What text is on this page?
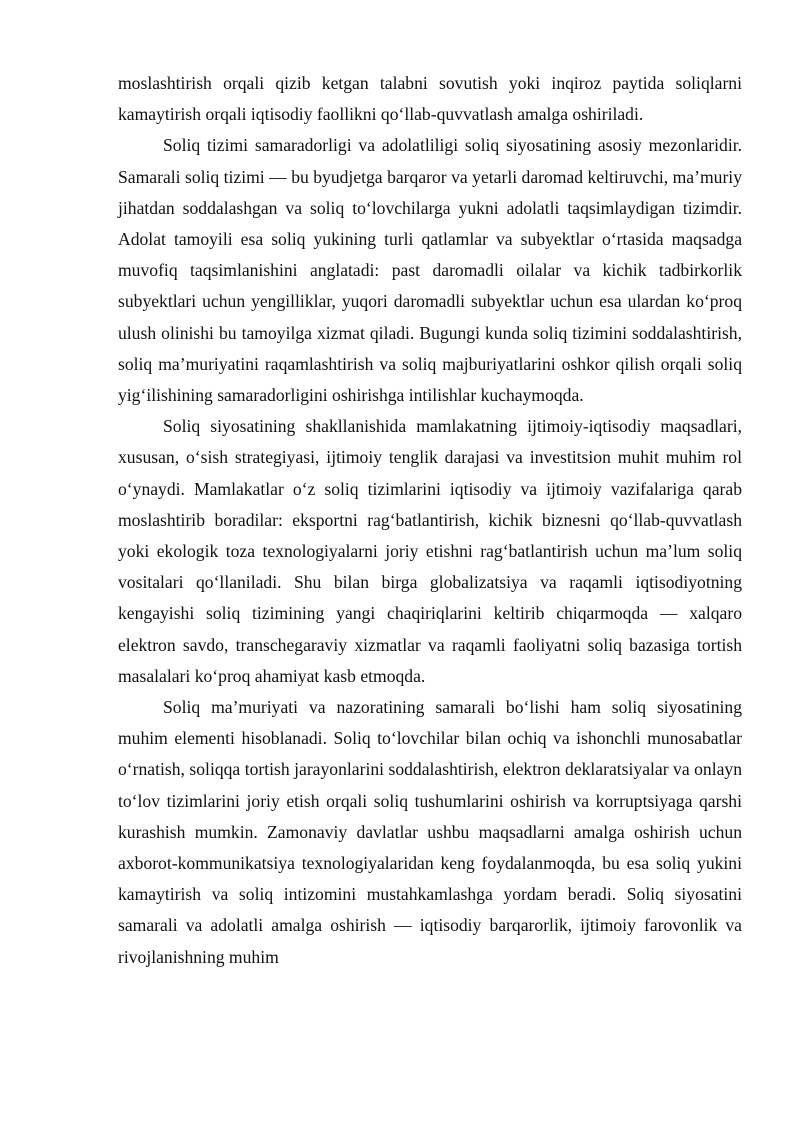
moslashtirish orqali qizib ketgan talabni sovutish yoki inqiroz paytida soliqlarni kamaytirish orqali iqtisodiy faollikni qo‘llab-quvvatlash amalga oshiriladi.

Soliq tizimi samaradorligi va adolatliligi soliq siyosatining asosiy mezonlaridir. Samarali soliq tizimi — bu byudjetga barqaror va yetarli daromad keltiruvchi, ma’muriy jihatdan soddalashgan va soliq to‘lovchilarga yukni adolatli taqsimlaydigan tizimdir. Adolat tamoyili esa soliq yukining turli qatlamlar va subyektlar o‘rtasida maqsadga muvofiq taqsimlanishini anglatadi: past daromadli oilalar va kichik tadbirkorlik subyektlari uchun yengilliklar, yuqori daromadli subyektlar uchun esa ulardan ko‘proq ulush olinishi bu tamoyilga xizmat qiladi. Bugungi kunda soliq tizimini soddalashtirish, soliq ma’muriyatini raqamlashtirish va soliq majburiyatlarini oshkor qilish orqali soliq yig‘ilishining samaradorligini oshirishga intilishlar kuchaymoqda.

Soliq siyosatining shakllanishida mamlakatning ijtimoiy-iqtisodiy maqsadlari, xususan, o‘sish strategiyasi, ijtimoiy tenglik darajasi va investitsion muhit muhim rol o‘ynaydi. Mamlakatlar o‘z soliq tizimlarini iqtisodiy va ijtimoiy vazifalariga qarab moslashtirib boradilar: eksportni rag‘batlantirish, kichik biznesni qo‘llab-quvvatlash yoki ekologik toza texnologiyalarni joriy etishni rag‘batlantirish uchun ma’lum soliq vositalari qo‘llaniladi. Shu bilan birga globalizatsiya va raqamli iqtisodiyotning kengayishi soliq tizimining yangi chaqiriqlarini keltirib chiqarmoqda — xalqaro elektron savdo, transchegaraviy xizmatlar va raqamli faoliyatni soliq bazasiga tortish masalalari ko‘proq ahamiyat kasb etmoqda.

Soliq ma’muriyati va nazoratining samarali bo‘lishi ham soliq siyosatining muhim elementi hisoblanadi. Soliq to‘lovchilar bilan ochiq va ishonchli munosabatlar o‘rnatish, soliqqa tortish jarayonlarini soddalashtirish, elektron deklaratsiyalar va onlayn to‘lov tizimlarini joriy etish orqali soliq tushumlarini oshirish va korruptsiyaga qarshi kurashish mumkin. Zamonaviy davlatlar ushbu maqsadlarni amalga oshirish uchun axborot-kommunikatsiya texnologiyalaridan keng foydalanmoqda, bu esa soliq yukini kamaytirish va soliq intizomini mustahkamlashga yordam beradi. Soliq siyosatini samarali va adolatli amalga oshirish — iqtisodiy barqarorlik, ijtimoiy farovonlik va rivojlanishning muhim
